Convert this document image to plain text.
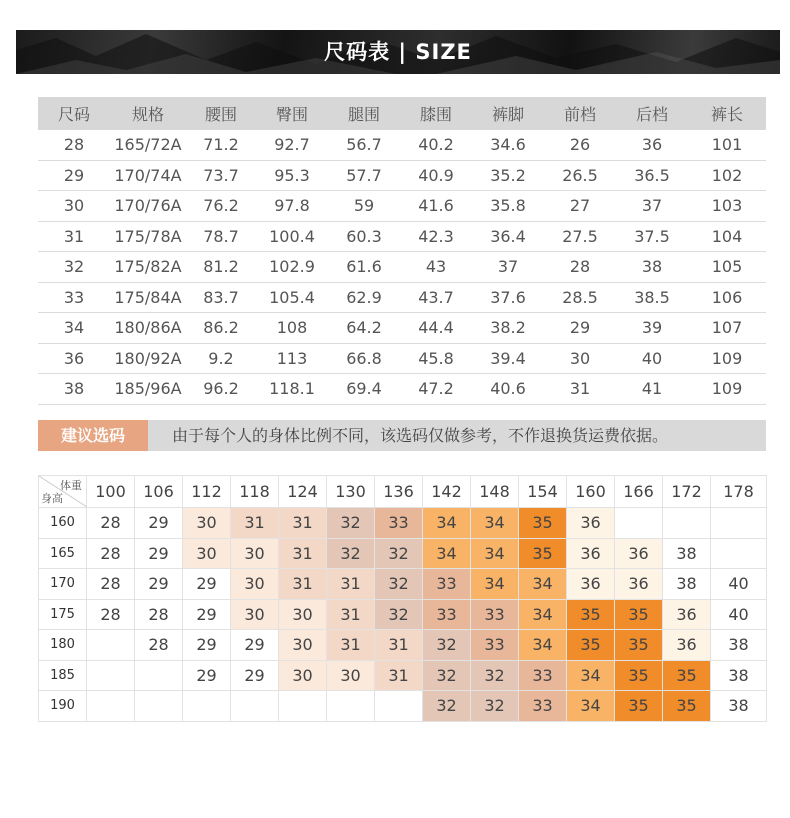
尺码表 | SIZE
尺码	规格	腰围	臀围	腿围	膝围	裤脚	前档	后档	裤长
28	165/72A	71.2	92.7	56.7	40.2	34.6	26	36	101
29	170/74A	73.7	95.3	57.7	40.9	35.2	26.5	36.5	102
30	170/76A	76.2	97.8	59	41.6	35.8	27	37	103
31	175/78A	78.7	100.4	60.3	42.3	36.4	27.5	37.5	104
32	175/82A	81.2	102.9	61.6	43	37	28	38	105
33	175/84A	83.7	105.4	62.9	43.7	37.6	28.5	38.5	106
34	180/86A	86.2	108	64.2	44.4	38.2	29	39	107
36	180/92A	9.2	113	66.8	45.8	39.4	30	40	109
38	185/96A	96.2	118.1	69.4	47.2	40.6	31	41	109
建议选码	由于每个人的身体比例不同，该选码仅做参考，不作退换货运费依据。
体重
身高	100	106	112	118	124	130	136	142	148	154	160	166	172	178
160	28	29	30	31	31	32	33	34	34	35	36			
165	28	29	30	30	31	32	32	34	34	35	36	36	38	
170	28	29	29	30	31	31	32	33	34	34	36	36	38	40
175	28	28	29	30	30	31	32	33	33	34	35	35	36	40
180		28	29	29	30	31	31	32	33	34	35	35	36	38
185			29	29	30	30	31	32	32	33	34	35	35	38
190								32	32	33	34	35	35	38
